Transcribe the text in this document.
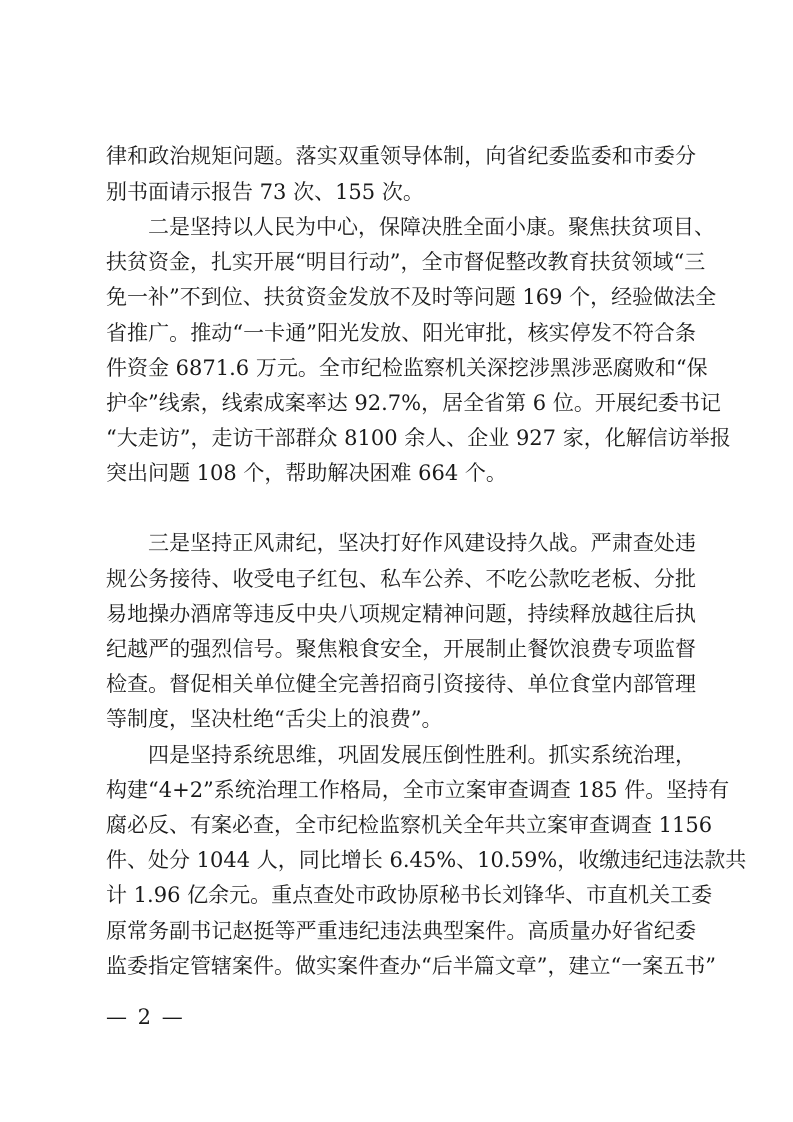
律和政治规矩问题。落实双重领导体制，向省纪委监委和市委分
别书面请示报告 73 次、155 次。
二是坚持以人民为中心，保障决胜全面小康。聚焦扶贫项目、
扶贫资金，扎实开展“明目行动”，全市督促整改教育扶贫领域“三
免一补”不到位、扶贫资金发放不及时等问题 169 个，经验做法全
省推广。推动“一卡通”阳光发放、阳光审批，核实停发不符合条
件资金 6871.6 万元。全市纪检监察机关深挖涉黑涉恶腐败和“保
护伞”线索，线索成案率达 92.7%，居全省第 6 位。开展纪委书记
“大走访”，走访干部群众 8100 余人、企业 927 家，化解信访举报
突出问题 108 个，帮助解决困难 664 个。
三是坚持正风肃纪，坚决打好作风建设持久战。严肃查处违
规公务接待、收受电子红包、私车公养、不吃公款吃老板、分批
易地操办酒席等违反中央八项规定精神问题，持续释放越往后执
纪越严的强烈信号。聚焦粮食安全，开展制止餐饮浪费专项监督
检查。督促相关单位健全完善招商引资接待、单位食堂内部管理
等制度，坚决杜绝“舌尖上的浪费”。
四是坚持系统思维，巩固发展压倒性胜利。抓实系统治理，
构建“4+2”系统治理工作格局，全市立案审查调查 185 件。坚持有
腐必反、有案必查，全市纪检监察机关全年共立案审查调查 1156
件、处分 1044 人，同比增长 6.45%、10.59%，收缴违纪违法款共
计 1.96 亿余元。重点查处市政协原秘书长刘锋华、市直机关工委
原常务副书记赵挺等严重违纪违法典型案件。高质量办好省纪委
监委指定管辖案件。做实案件查办“后半篇文章”，建立“一案五书”
— 2 —
